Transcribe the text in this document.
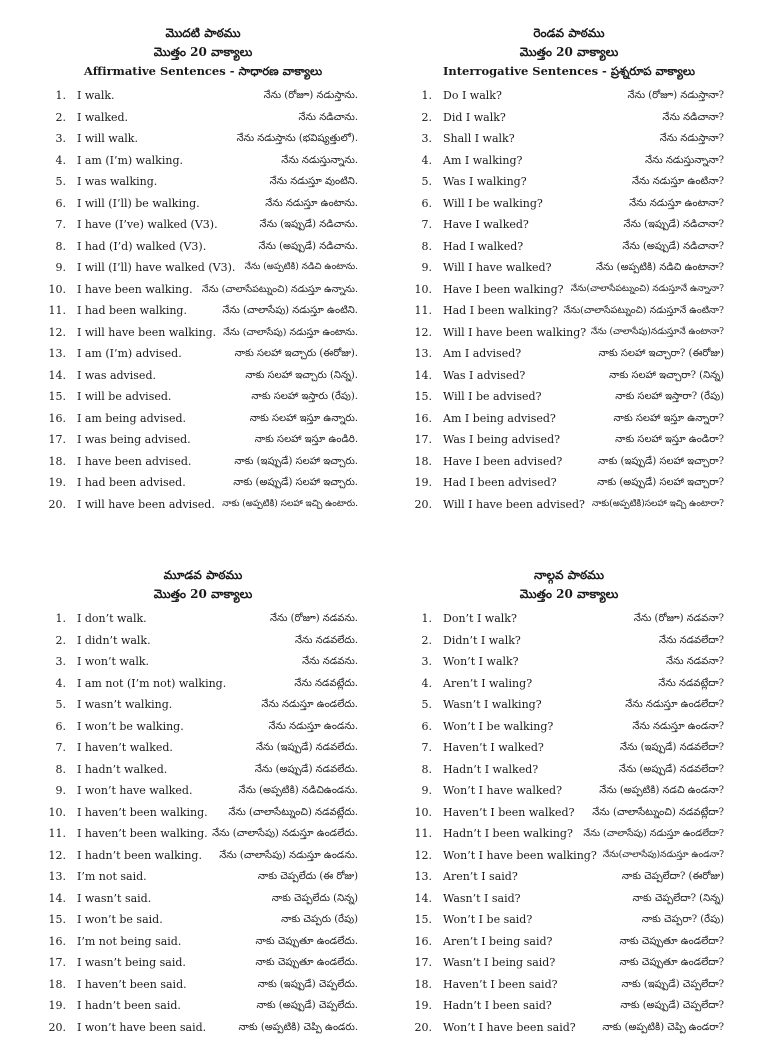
మొదటి పాఠము
మొత్తం 20 వాక్యాలు
Affirmative Sentences - సాధారణ వాక్యాలు
1. I walk.	నేను (రోజూ) నడుస్తాను.
2. I walked.	నేను నడిచాను.
3. I will walk.	నేను నడుస్తాను (భవిష్యత్తులో).
4. I am (I’m) walking.	నేను నడుస్తున్నాను.
5. I was walking.	నేను నడుస్తూ వుంటిని.
6. I will (I’ll) be walking.	నేను నడుస్తూ ఉంటాను.
7. I have (I’ve) walked (V3).	నేను (ఇప్పుడే) నడిచాను.
8. I had (I’d) walked (V3).	నేను (అప్పుడే) నడిచాను.
9. I will (I’ll) have walked (V3). నేను (అప్పటికి) నడిచి ఉంటాను.
10. I have been walking. నేను (చాలాసేపట్నుంచి) నడుస్తూ ఉన్నాను.
11. I had been walking.	నేను (చాలాసేపు) నడుస్తూ ఉంటిని.
12. I will have been walking. నేను (చాలాసేపు) నడుస్తూ ఉంటాను.
13. I am (I’m) advised.	నాకు సలహా ఇచ్చారు (ఈరోజు).
14. I was advised.	నాకు సలహా ఇచ్చారు (నిన్న).
15. I will be advised.	నాకు సలహా ఇస్తారు (రేపు).
16. I am being advised.	నాకు సలహా ఇస్తూ ఉన్నారు.
17. I was being advised.	నాకు సలహా ఇస్తూ ఉండిరి.
18. I have been advised.	నాకు (ఇప్పుడే) సలహా ఇచ్చారు.
19. I had been advised.	నాకు (అప్పుడే) సలహా ఇచ్చారు.
20. I will have been advised. నాకు (అప్పటికి) సలహా ఇచ్చి ఉంటారు.
రెండవ పాఠము
మొత్తం 20 వాక్యాలు
Interrogative Sentences - ప్రశ్నరూప వాక్యాలు
1. Do I walk?	నేను (రోజూ) నడుస్తానా?
2. Did I walk?	నేను నడిచానా?
3. Shall I walk?	నేను నడుస్తానా?
4. Am I walking?	నేను నడుస్తున్నానా?
5. Was I walking?	నేను నడుస్తూ ఉంటినా?
6. Will I be walking?	నేను నడుస్తూ ఉంటానా?
7. Have I walked?	నేను (ఇప్పుడే) నడిచానా?
8. Had I walked?	నేను (అప్పుడే) నడిచానా?
9. Will I have walked?	నేను (అప్పటికి) నడిచి ఉంటానా?
10. Have I been walking? నేను(చాలాసేపట్నుంచి) నడుస్తూనే ఉన్నానా?
11. Had I been walking? నేను(చాలాసేపట్నుంచి) నడుస్తూనే ఉంటినా?
12. Will I have been walking? నేను (చాలాసేపు)నడుస్తూనే ఉంటానా?
13. Am I advised?	నాకు సలహా ఇచ్చారా? (ఈరోజు)
14. Was I advised?	నాకు సలహా ఇచ్చారా? (నిన్న)
15. Will I be advised?	నాకు సలహా ఇస్తారా? (రేపు)
16. Am I being advised?	నాకు సలహా ఇస్తూ ఉన్నారా?
17. Was I being advised?	నాకు సలహా ఇస్తూ ఉండిరా?
18. Have I been advised?	నాకు (ఇప్పుడే) సలహా ఇచ్చారా?
19. Had I been advised?	నాకు (అప్పుడే) సలహా ఇచ్చారా?
20. Will I have been advised? నాకు(అప్పటికి)సలహా ఇచ్చి ఉంటారా?
మూడవ పాఠము
మొత్తం 20 వాక్యాలు
1. I don’t walk.	నేను (రోజూ) నడవను.
2. I didn’t walk.	నేను నడవలేదు.
3. I won’t walk.	నేను నడవను.
4. I am not (I’m not) walking.	నేను నడవట్లేదు.
5. I wasn’t walking.	నేను నడుస్తూ ఉండలేదు.
6. I won’t be walking.	నేను నడుస్తూ ఉండను.
7. I haven’t walked.	నేను (ఇప్పుడే) నడవలేదు.
8. I hadn’t walked.	నేను (అప్పుడే) నడవలేదు.
9. I won’t have walked.	నేను (అప్పటికి) నడిచిఉండను.
10. I haven’t been walking. నేను (చాలాసేట్నుంచి) నడవట్లేదు.
11. I haven’t been walking. నేను (చాలాసేపు) నడుస్తూ ఉండలేదు.
12. I hadn’t been walking. నేను (చాలాసేపు) నడుస్తూ ఉండను.
13. I’m not said.	నాకు చెప్పలేదు (ఈ రోజు)
14. I wasn’t said.	నాకు చెప్పలేదు (నిన్న)
15. I won’t be said.	నాకు చెప్పరు (రేపు)
16. I’m not being said.	నాకు చెప్పుతూ ఉండలేదు.
17. I wasn’t being said.	నాకు చెప్పుతూ ఉండలేదు.
18. I haven’t been said.	నాకు (ఇప్పుడే) చెప్పలేదు.
19. I hadn’t been said.	నాకు (అప్పుడే) చెప్పలేదు.
20. I won’t have been said.	నాకు (అప్పటికి) చెప్పి ఉండరు.
నాల్గవ పాఠము
మొత్తం 20 వాక్యాలు
1. Don’t I walk?	నేను (రోజూ) నడవనా?
2. Didn’t I walk?	నేను నడవలేదా?
3. Won’t I walk?	నేను నడవనా?
4. Aren’t I waling?	నేను నడవట్లేదా?
5. Wasn’t I walking?	నేను నడుస్తూ ఉండలేదా?
6. Won’t I be walking?	నేను నడుస్తూ ఉండనా?
7. Haven’t I walked?	నేను (ఇప్పుడే) నడవలేదా?
8. Hadn’t I walked?	నేను (అప్పుడే) నడవలేదా?
9. Won’t I have walked?	నేను (అప్పటికి) నడచి ఉండనా?
10. Haven’t I been walked? నేను (చాలాసేట్నుంచి) నడవట్లేదా?
11. Hadn’t I been walking? నేను (చాలాసేపు) నడుస్తూ ఉండలేదా?
12. Won’t I have been walking? నేను(చాలాసేపు)నడుస్తూ ఉండనా?
13. Aren’t I said?	నాకు చెప్పలేదా? (ఈరోజు)
14. Wasn’t I said?	నాకు చెప్పలేదా? (నిన్న)
15. Won’t I be said?	నాకు చెప్పరా? (రేపు)
16. Aren’t I being said?	నాకు చెప్పుతూ ఉండలేదా?
17. Wasn’t I being said?	నాకు చెప్పుతూ ఉండలేదా?
18. Haven’t I been said?	నాకు (ఇప్పుడే) చెప్పలేదా?
19. Hadn’t I been said?	నాకు (అప్పుడే) చెప్పలేదా?
20. Won’t I have been said?	నాకు (అప్పటికి) చెప్పి ఉండరా?
